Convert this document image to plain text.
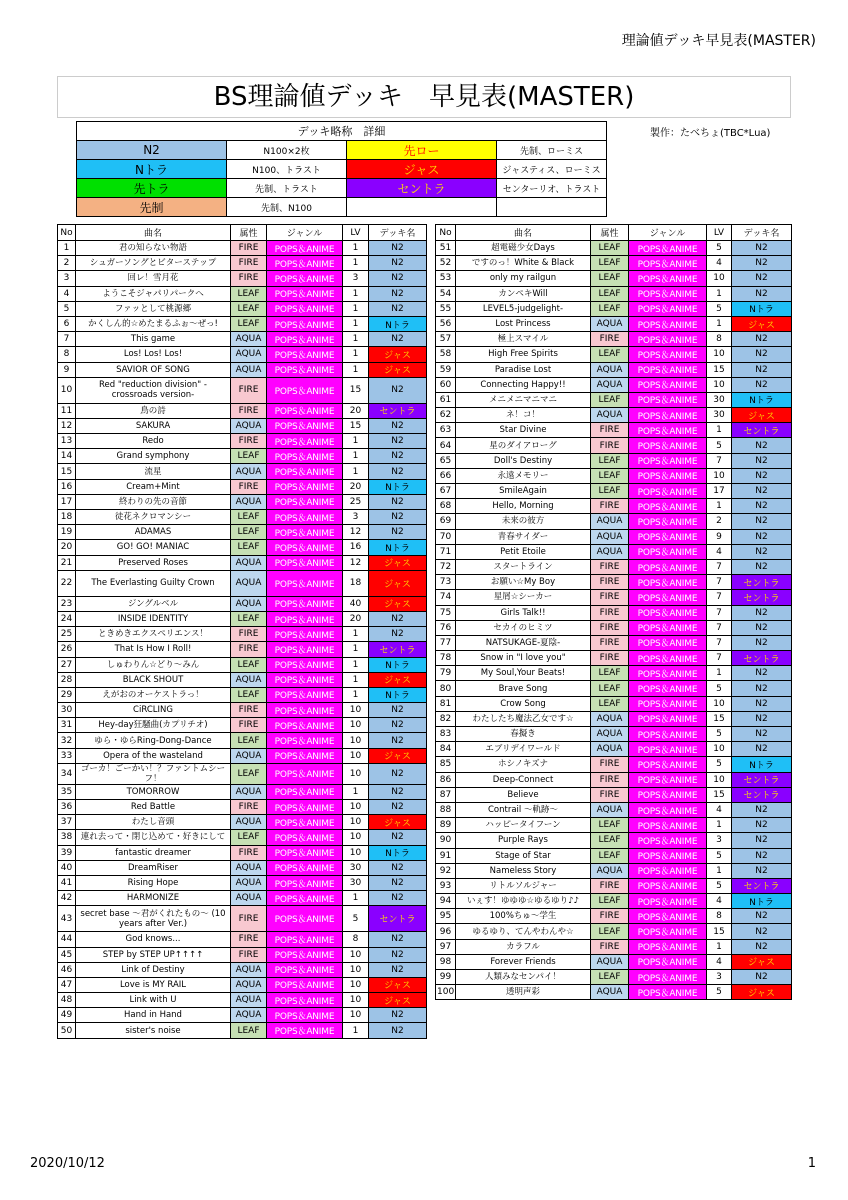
理論値デッキ早見表(MASTER)
BS理論値デッキ　早見表(MASTER)
デッキ略称　詳細			
N2	N100×2枚	先ロー	先制、ローミス
Nトラ	N100、トラスト	ジャス	ジャスティス、ローミス
先トラ	先制、トラスト	セントラ	センターリオ、トラスト
先制	先制、N100		
製作：たべちょ(TBC*Lua)
No	曲名	属性	ジャンル	LV	デッキ名
1	君の知らない物語	FIRE	POPS＆ANIME	1	N2
2	シュガーソングとビターステップ	FIRE	POPS＆ANIME	1	N2
3	回レ！雪月花	FIRE	POPS＆ANIME	3	N2
4	ようこそジャパリパークへ	LEAF	POPS＆ANIME	1	N2
5	ファッとして桃源郷	LEAF	POPS＆ANIME	1	N2
6	かくしん的☆めたまるふぉ～ぜっ!	LEAF	POPS＆ANIME	1	Nトラ
7	This game	AQUA	POPS＆ANIME	1	N2
8	Los! Los! Los!	AQUA	POPS＆ANIME	1	ジャス
9	SAVIOR OF SONG	AQUA	POPS＆ANIME	1	ジャス
10	Red "reduction division" -crossroads version-	FIRE	POPS＆ANIME	15	N2
11	鳥の詩	FIRE	POPS＆ANIME	20	セントラ
12	SAKURA	AQUA	POPS＆ANIME	15	N2
13	Redo	FIRE	POPS＆ANIME	1	N2
14	Grand symphony	LEAF	POPS＆ANIME	1	N2
15	流星	AQUA	POPS＆ANIME	1	N2
16	Cream+Mint	FIRE	POPS＆ANIME	20	Nトラ
17	終わりの先の音節	AQUA	POPS＆ANIME	25	N2
18	徒花ネクロマンシー	LEAF	POPS＆ANIME	3	N2
19	ADAMAS	LEAF	POPS＆ANIME	12	N2
20	GO! GO! MANIAC	LEAF	POPS＆ANIME	16	Nトラ
21	Preserved Roses	AQUA	POPS＆ANIME	12	ジャス
22	The Everlasting Guilty Crown	AQUA	POPS＆ANIME	18	ジャス
23	ジングルベル	AQUA	POPS＆ANIME	40	ジャス
24	INSIDE IDENTITY	LEAF	POPS＆ANIME	20	N2
25	ときめきエクスペリエンス！	FIRE	POPS＆ANIME	1	N2
26	That Is How I Roll!	FIRE	POPS＆ANIME	1	セントラ
27	しゅわりん☆どり～みん	LEAF	POPS＆ANIME	1	Nトラ
28	BLACK SHOUT	AQUA	POPS＆ANIME	1	ジャス
29	えがおのオーケストラっ！	LEAF	POPS＆ANIME	1	Nトラ
30	CiRCLING	FIRE	POPS＆ANIME	10	N2
31	Hey-day狂騒曲(カプリチオ)	FIRE	POPS＆ANIME	10	N2
32	ゆら・ゆらRing-Dong-Dance	LEAF	POPS＆ANIME	10	N2
33	Opera of the wasteland	AQUA	POPS＆ANIME	10	ジャス
34	ゴーカ！ごーかい！？ファントムシーフ！	LEAF	POPS＆ANIME	10	N2
35	TOMORROW	AQUA	POPS＆ANIME	1	N2
36	Red Battle	FIRE	POPS＆ANIME	10	N2
37	わたし音頭	AQUA	POPS＆ANIME	10	ジャス
38	連れ去って・閉じ込めて・好きにして	LEAF	POPS＆ANIME	10	N2
39	fantastic dreamer	FIRE	POPS＆ANIME	10	Nトラ
40	DreamRiser	AQUA	POPS＆ANIME	30	N2
41	Rising Hope	AQUA	POPS＆ANIME	30	N2
42	HARMONIZE	AQUA	POPS＆ANIME	1	N2
43	secret base ～君がくれたもの～ (10 years after Ver.)	FIRE	POPS＆ANIME	5	セントラ
44	God knows...	FIRE	POPS＆ANIME	8	N2
45	STEP by STEP UP↑↑↑↑	FIRE	POPS＆ANIME	10	N2
46	Link of Destiny	AQUA	POPS＆ANIME	10	N2
47	Love is MY RAIL	AQUA	POPS＆ANIME	10	ジャス
48	Link with U	AQUA	POPS＆ANIME	10	ジャス
49	Hand in Hand	AQUA	POPS＆ANIME	10	N2
50	sister's noise	LEAF	POPS＆ANIME	1	N2
No	曲名	属性	ジャンル	LV	デッキ名
51	超電磁少女Days	LEAF	POPS＆ANIME	5	N2
52	ですのっ！White & Black	LEAF	POPS＆ANIME	4	N2
53	only my railgun	LEAF	POPS＆ANIME	10	N2
54	カンペキWill	LEAF	POPS＆ANIME	1	N2
55	LEVEL5-judgelight-	LEAF	POPS＆ANIME	5	Nトラ
56	Lost Princess	AQUA	POPS＆ANIME	1	ジャス
57	極上スマイル	FIRE	POPS＆ANIME	8	N2
58	High Free Spirits	LEAF	POPS＆ANIME	10	N2
59	Paradise Lost	AQUA	POPS＆ANIME	15	N2
60	Connecting Happy!!	AQUA	POPS＆ANIME	10	N2
61	メニメニマニマニ	LEAF	POPS＆ANIME	30	Nトラ
62	ネ！コ！	AQUA	POPS＆ANIME	30	ジャス
63	Star Divine	FIRE	POPS＆ANIME	1	セントラ
64	星のダイアローグ	FIRE	POPS＆ANIME	5	N2
65	Doll's Destiny	LEAF	POPS＆ANIME	7	N2
66	永遠メモリー	LEAF	POPS＆ANIME	10	N2
67	SmileAgain	LEAF	POPS＆ANIME	17	N2
68	Hello, Morning	FIRE	POPS＆ANIME	1	N2
69	未来の彼方	AQUA	POPS＆ANIME	2	N2
70	青春サイダー	AQUA	POPS＆ANIME	9	N2
71	Petit Etoile	AQUA	POPS＆ANIME	4	N2
72	スタートライン	FIRE	POPS＆ANIME	7	N2
73	お願い☆My Boy	FIRE	POPS＆ANIME	7	セントラ
74	星屑☆シーカー	FIRE	POPS＆ANIME	7	セントラ
75	Girls Talk!!	FIRE	POPS＆ANIME	7	N2
76	セカイのヒミツ	FIRE	POPS＆ANIME	7	N2
77	NATSUKAGE-夏陰-	FIRE	POPS＆ANIME	7	N2
78	Snow in "I love you"	FIRE	POPS＆ANIME	7	セントラ
79	My Soul,Your Beats!	LEAF	POPS＆ANIME	1	N2
80	Brave Song	LEAF	POPS＆ANIME	5	N2
81	Crow Song	LEAF	POPS＆ANIME	10	N2
82	わたしたち魔法乙女です☆	AQUA	POPS＆ANIME	15	N2
83	春擬き	AQUA	POPS＆ANIME	5	N2
84	エブリデイワールド	AQUA	POPS＆ANIME	10	N2
85	ホシノキズナ	FIRE	POPS＆ANIME	5	Nトラ
86	Deep-Connect	FIRE	POPS＆ANIME	10	セントラ
87	Believe	FIRE	POPS＆ANIME	15	セントラ
88	Contrail ～軌跡～	AQUA	POPS＆ANIME	4	N2
89	ハッピータイフーン	LEAF	POPS＆ANIME	1	N2
90	Purple Rays	LEAF	POPS＆ANIME	3	N2
91	Stage of Star	LEAF	POPS＆ANIME	5	N2
92	Nameless Story	AQUA	POPS＆ANIME	1	N2
93	リトルソルジャー	FIRE	POPS＆ANIME	5	セントラ
94	いぇす！ゆゆゆ☆ゆるゆり♪♪	LEAF	POPS＆ANIME	4	Nトラ
95	100%ちゅ～学生	FIRE	POPS＆ANIME	8	N2
96	ゆるゆり、てんやわんや☆	LEAF	POPS＆ANIME	15	N2
97	カラフル	FIRE	POPS＆ANIME	1	N2
98	Forever Friends	AQUA	POPS＆ANIME	4	ジャス
99	人類みなセンパイ！	LEAF	POPS＆ANIME	3	N2
100	透明声彩	AQUA	POPS＆ANIME	5	ジャス
2020/10/12	1
